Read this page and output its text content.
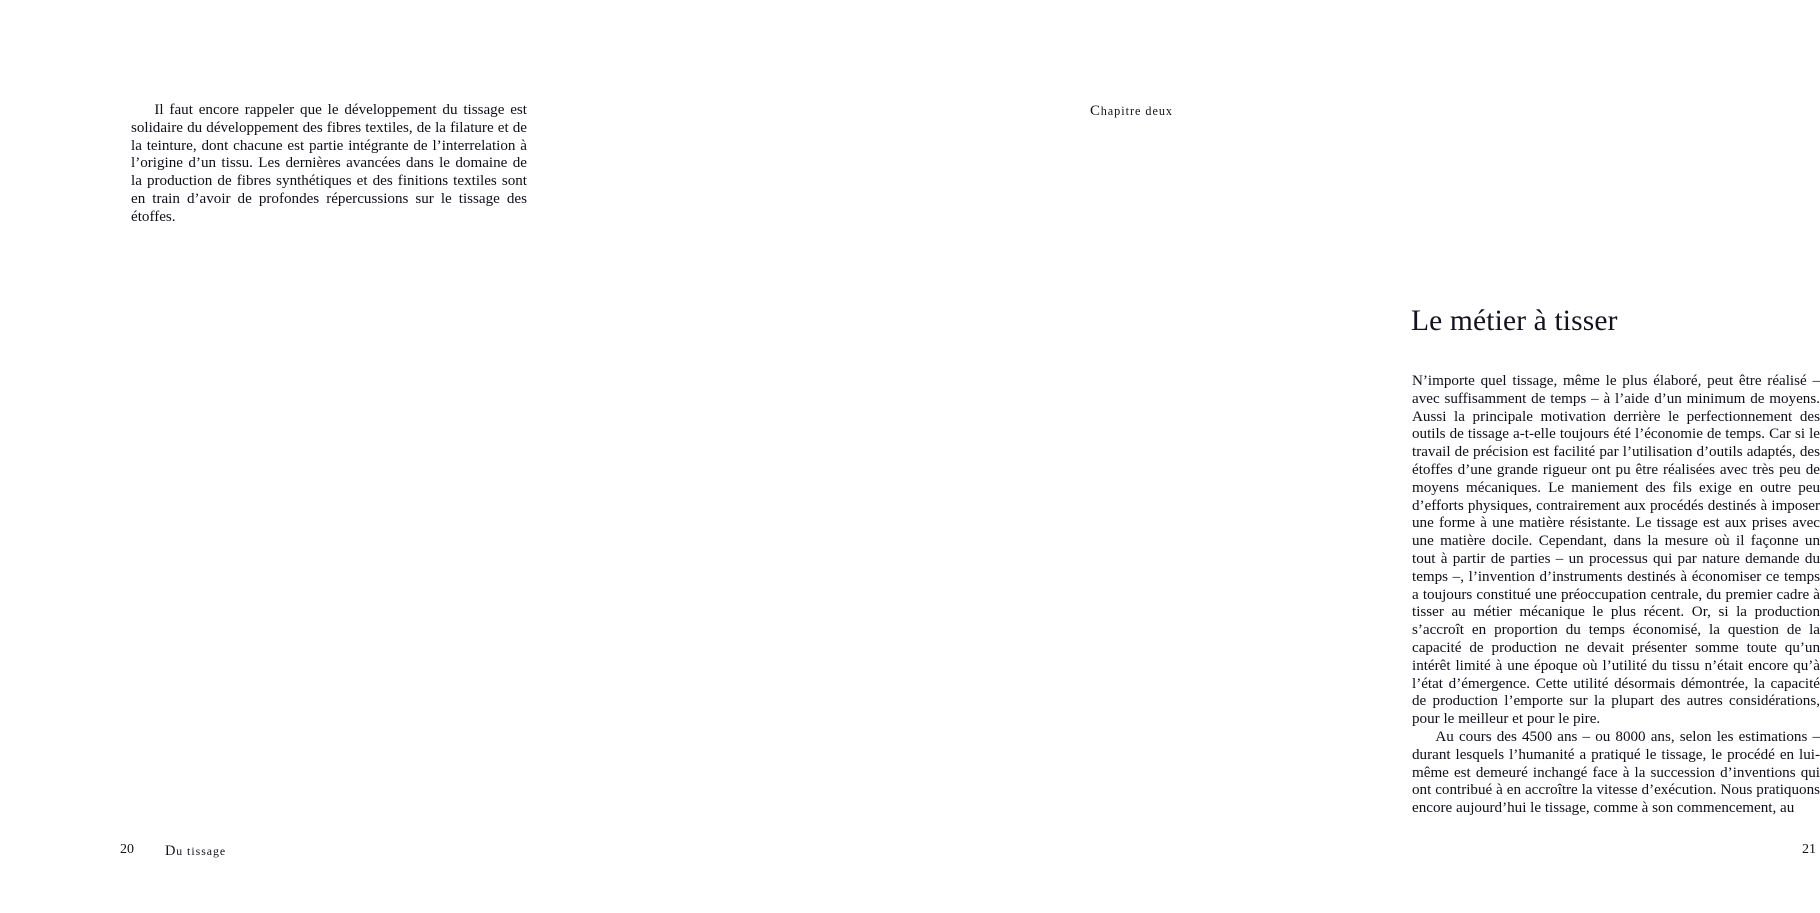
Il faut encore rappeler que le développement du tissage est solidaire du développement des fibres textiles, de la filature et de la teinture, dont chacune est partie intégrante de l’interrelation à l’origine d’un tissu. Les dernières avancées dans le domaine de la production de fibres synthétiques et des finitions textiles sont en train d’avoir de profondes répercussions sur le tissage des étoffes.

20 Du tissage
Chapitre deux
Le métier à tisser

N’importe quel tissage, même le plus élaboré, peut être réalisé – avec suffisamment de temps – à l’aide d’un minimum de moyens. Aussi la principale motivation derrière le perfectionnement des outils de tissage a-t-elle toujours été l’économie de temps. Car si le travail de précision est facilité par l’utilisation d’outils adaptés, des étoffes d’une grande rigueur ont pu être réalisées avec très peu de moyens mécaniques. Le maniement des fils exige en outre peu d’efforts physiques, contrairement aux procédés destinés à imposer une forme à une matière résistante. Le tissage est aux prises avec une matière docile. Cependant, dans la mesure où il façonne un tout à partir de parties – un processus qui par nature demande du temps –, l’invention d’instruments destinés à économiser ce temps a toujours constitué une préoccupation centrale, du premier cadre à tisser au métier mécanique le plus récent. Or, si la production s’accroît en proportion du temps économisé, la question de la capacité de production ne devait présenter somme toute qu’un intérêt limité à une époque où l’utilité du tissu n’était encore qu’à l’état d’émergence. Cette utilité désormais démontrée, la capacité de production l’emporte sur la plupart des autres considérations, pour le meilleur et pour le pire.

Au cours des 4500 ans – ou 8000 ans, selon les estimations – durant lesquels l’humanité a pratiqué le tissage, le procédé en lui-même est demeuré inchangé face à la succession d’inventions qui ont contribué à en accroître la vitesse d’exécution. Nous pratiquons encore aujourd’hui le tissage, comme à son commencement, au

21
